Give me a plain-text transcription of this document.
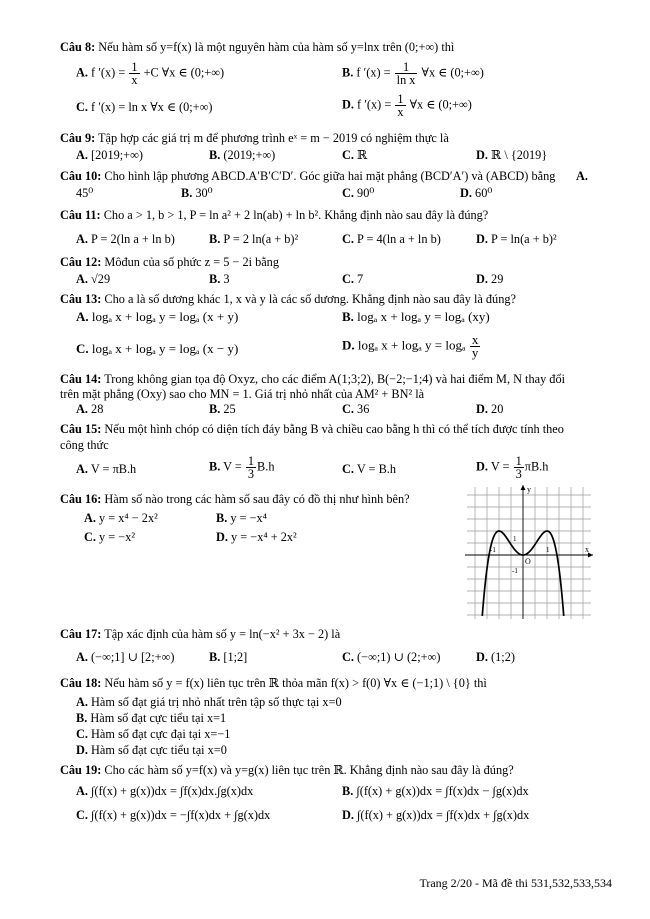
Câu 8: Nếu hàm số y=f(x) là một nguyên hàm của hàm số y=lnx trên (0;+∞) thì
A. f $'(x) = \frac{1}{x} +C$ ∀x ∈ (0;+∞)	B. f $'(x) = \frac{1}{\text{ln x}}$ ∀x ∈ (0;+∞)
C. f ′(x) = ln x ∀x ∈ (0;+∞)	D. f $'(x) = \frac{1}{x}$ ∀x ∈ (0;+∞)
Câu 9: Tập hợp các giá trị m để phương trình eˣ = m − 2019 có nghiệm thực là
A. [2019;+∞)	B. (2019;+∞)	C. ℝ	D. ℝ \ {2019}
Câu 10: Cho hình lập phương ABCD.A′B′C′D′. Góc giữa hai mặt phẳng (BCD′A′) và (ABCD) bằng A.
45⁰	B. 30⁰	C. 90⁰	D. 60⁰
Câu 11: Cho a > 1, b > 1, P = ln a² + 2 ln(ab) + ln b². Khẳng định nào sau đây là đúng?
A. P = 2(ln a + ln b)	B. P = 2 ln(a + b)²	C. P = 4(ln a + ln b)	D. P = ln(a + b)²
Câu 12: Môđun của số phức z = 5 − 2i bằng
A. √29	B. 3	C. 7	D. 29
Câu 13: Cho a là số dương khác 1, x và y là các số dương. Khẳng định nào sau đây là đúng?
A. logₐ x + logₐ y = logₐ (x + y)	B. logₐ x + logₐ y = logₐ (xy)
C. logₐ x + logₐ y = logₐ (x − y)	D. logₐ x + logₐ y = logₐ $\frac{x}{y}$
Câu 14: Trong không gian tọa độ Oxyz, cho các điểm A(1;3;2), B(−2;−1;4) và hai điểm M, N thay đổi
trên mặt phẳng (Oxy) sao cho MN = 1. Giá trị nhỏ nhất của AM² + BN² là
A. 28	B. 25	C. 36	D. 20
Câu 15: Nếu một hình chóp có diện tích đáy bằng B và chiều cao bằng h thì có thể tích được tính theo
công thức
A. V = πB.h	B. $V = \frac{1}{3} B.h$	C. V = B.h	D. $V = \frac{1}{3} \pi B.h$
Câu 16: Hàm số nào trong các hàm số sau đây có đồ thị như hình bên?
A. y = x⁴ − 2x²	B. y = −x⁴
C. y = −x²	D. y = −x⁴ + 2x²
y
x
O
1
-1
1
-1
Câu 17: Tập xác định của hàm số y = ln(−x² + 3x − 2) là
A. (−∞;1] ∪ [2;+∞)	B. [1;2]	C. (−∞;1) ∪ (2;+∞)	D. (1;2)
Câu 18: Nếu hàm số y = f(x) liên tục trên ℝ thỏa mãn f(x) > f(0) ∀x ∈ (−1;1) \ {0} thì
A. Hàm số đạt giá trị nhỏ nhất trên tập số thực tại x=0
B. Hàm số đạt cực tiểu tại x=1
C. Hàm số đạt cực đại tại x=−1
D. Hàm số đạt cực tiểu tại x=0
Câu 19: Cho các hàm số y=f(x) và y=g(x) liên tục trên ℝ. Khẳng định nào sau đây là đúng?
A. ∫(f(x) + g(x))dx = ∫f(x)dx.∫g(x)dx	B. ∫(f(x) + g(x))dx = ∫f(x)dx − ∫g(x)dx
C. ∫(f(x) + g(x))dx = −∫f(x)dx + ∫g(x)dx	D. ∫(f(x) + g(x))dx = ∫f(x)dx + ∫g(x)dx
Trang 2/20 - Mã đề thi 531,532,533,534
